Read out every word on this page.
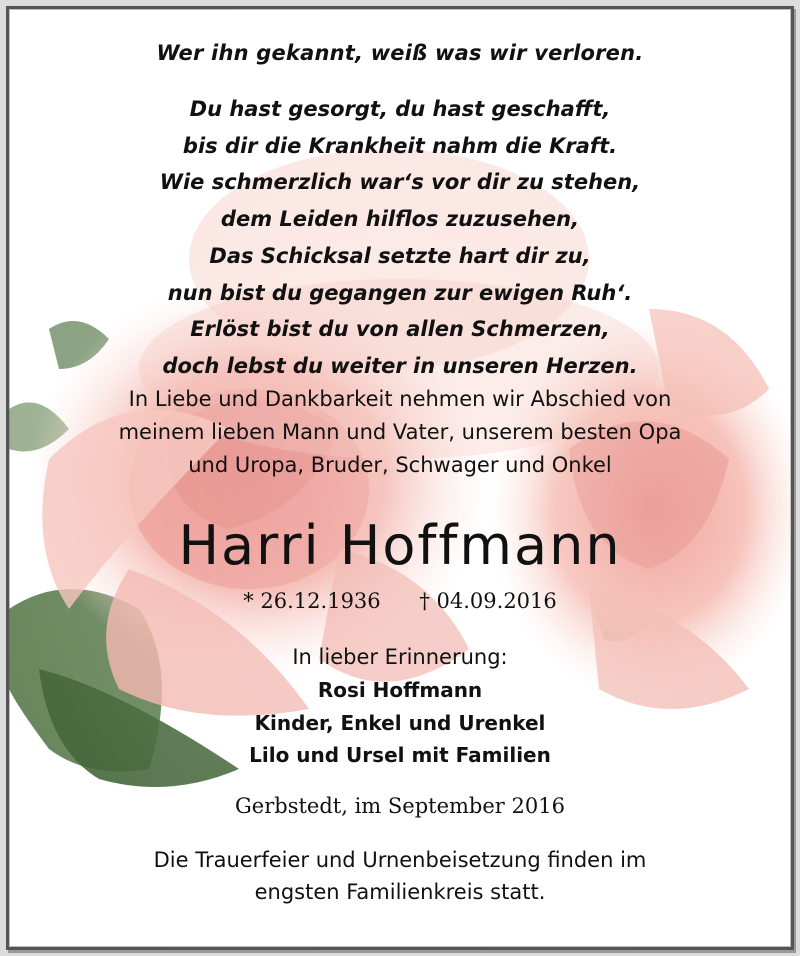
Wer ihn gekannt, weiß was wir verloren.
Du hast gesorgt, du hast geschafft,
bis dir die Krankheit nahm die Kraft.
Wie schmerzlich war‘s vor dir zu stehen,
dem Leiden hilflos zuzusehen,
Das Schicksal setzte hart dir zu,
nun bist du gegangen zur ewigen Ruh‘.
Erlöst bist du von allen Schmerzen,
doch lebst du weiter in unseren Herzen.
In Liebe und Dankbarkeit nehmen wir Abschied von
meinem lieben Mann und Vater, unserem besten Opa
und Uropa, Bruder, Schwager und Onkel
Harri Hoffmann
* 26.12.1936 † 04.09.2016
In lieber Erinnerung:
Rosi Hoffmann
Kinder, Enkel und Urenkel
Lilo und Ursel mit Familien
Gerbstedt, im September 2016
Die Trauerfeier und Urnenbeisetzung finden im
engsten Familienkreis statt.
